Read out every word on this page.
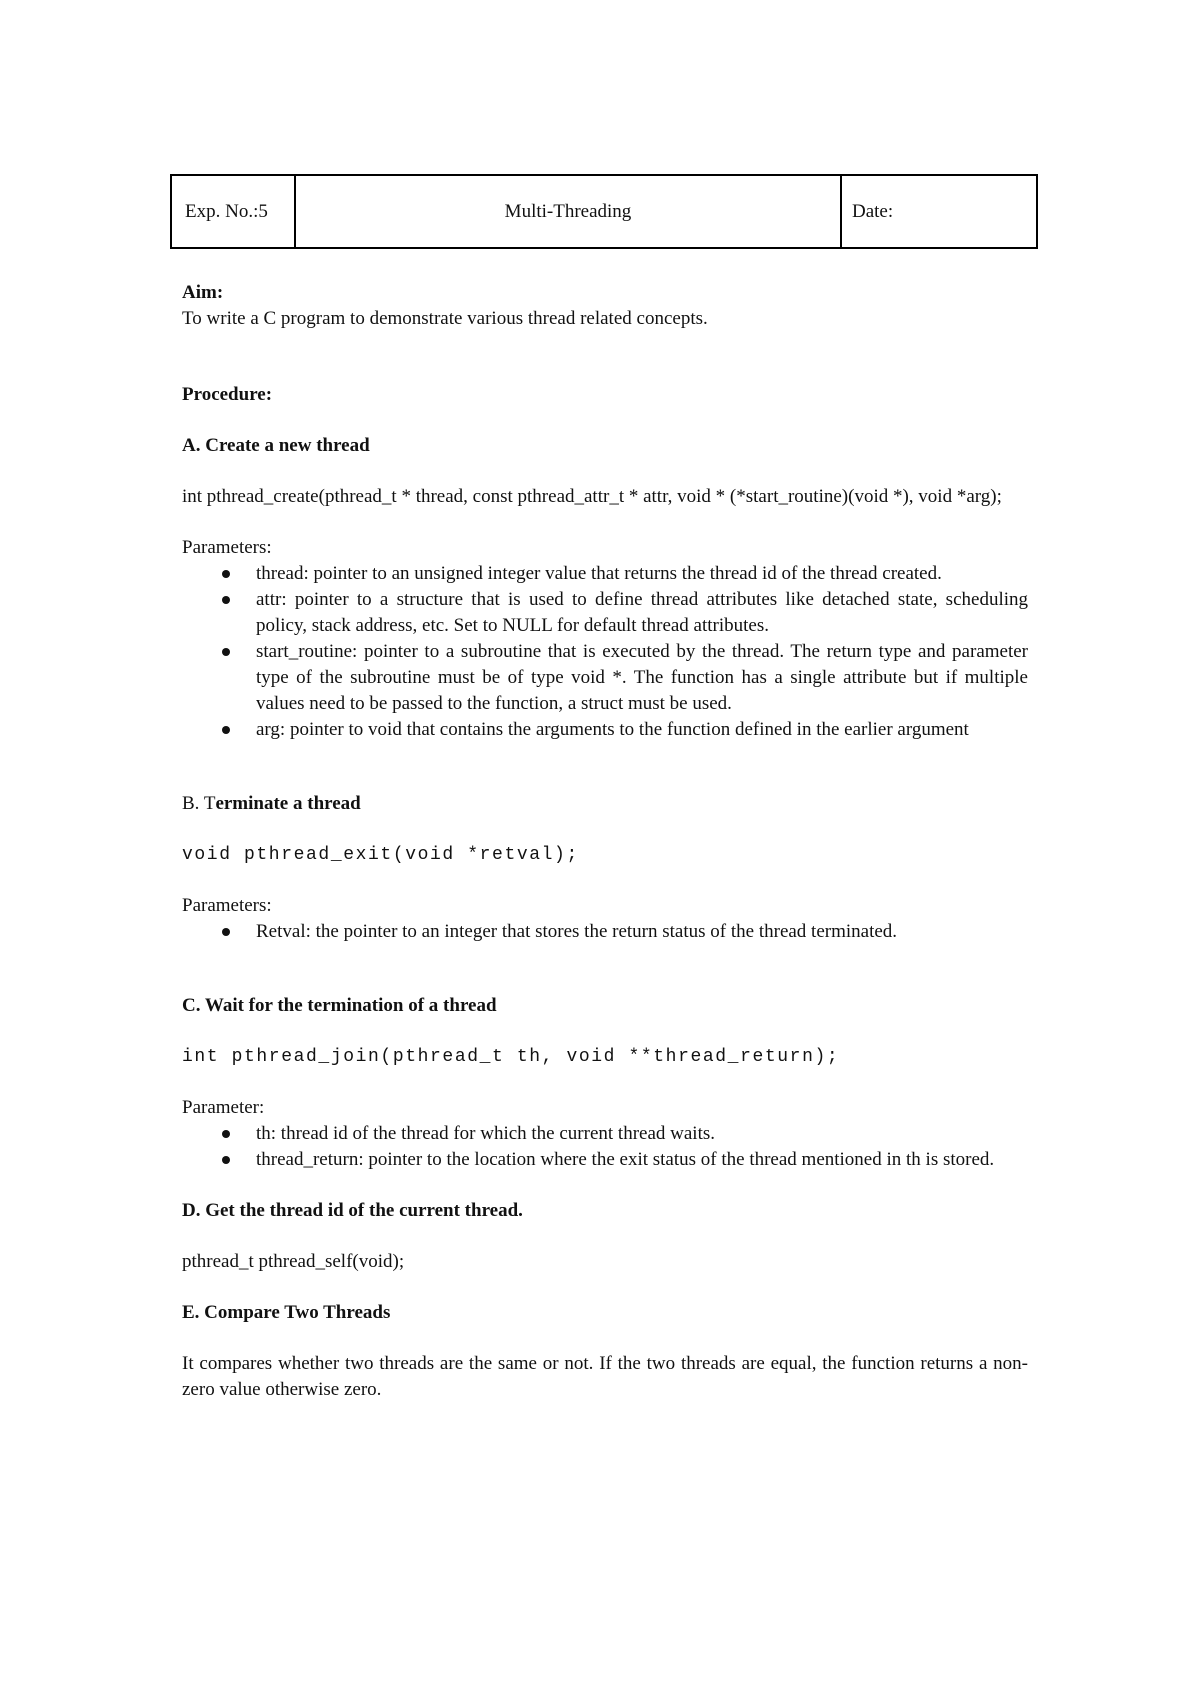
Exp. No.:5	Multi-Threading	Date:

Aim:

To write a C program to demonstrate various thread related concepts.

Procedure:

A. Create a new thread

int pthread_create(pthread_t * thread, const pthread_attr_t * attr, void * (*start_routine)(void *), void *arg);

Parameters:

thread: pointer to an unsigned integer value that returns the thread id of the thread created.
attr: pointer to a structure that is used to define thread attributes like detached state, scheduling policy, stack address, etc. Set to NULL for default thread attributes.
start_routine: pointer to a subroutine that is executed by the thread. The return type and parameter type of the subroutine must be of type void *. The function has a single attribute but if multiple values need to be passed to the function, a struct must be used.
arg: pointer to void that contains the arguments to the function defined in the earlier argument

B. Terminate a thread

void pthread_exit(void *retval);

Parameters:

Retval: the pointer to an integer that stores the return status of the thread terminated.

C. Wait for the termination of a thread

int pthread_join(pthread_t th, void **thread_return);

Parameter:

th: thread id of the thread for which the current thread waits.
thread_return: pointer to the location where the exit status of the thread mentioned in th is stored.

D. Get the thread id of the current thread.

pthread_t pthread_self(void);

E. Compare Two Threads

It compares whether two threads are the same or not. If the two threads are equal, the function returns a non-zero value otherwise zero.
